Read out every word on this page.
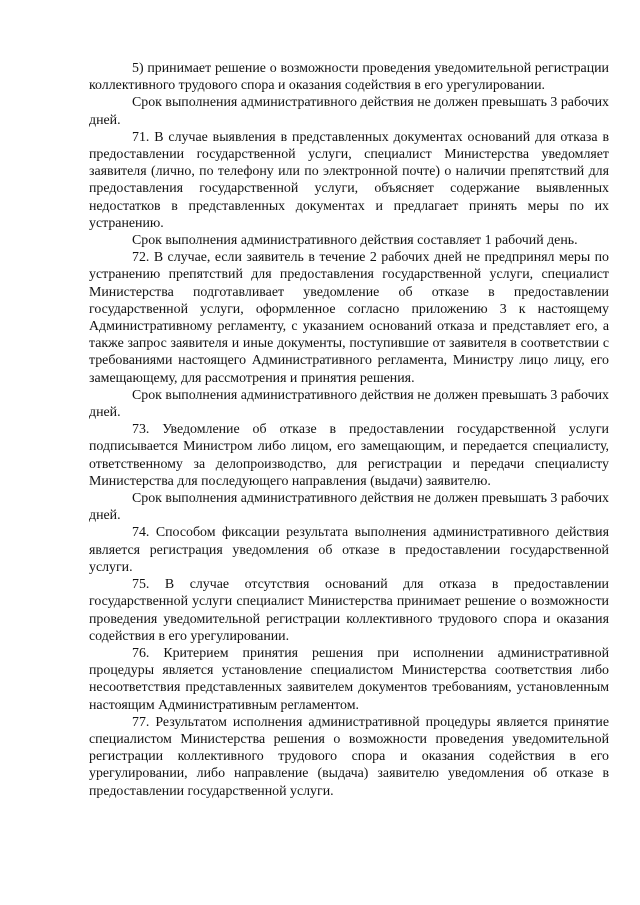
5) принимает решение о возможности проведения уведомительной регистрации коллективного трудового спора и оказания содействия в его урегулировании.

Срок выполнения административного действия не должен превышать 3 рабочих дней.

71. В случае выявления в представленных документах оснований для отказа в предоставлении государственной услуги, специалист Министерства уведомляет заявителя (лично, по телефону или по электронной почте) о наличии препятствий для предоставления государственной услуги, объясняет содержание выявленных недостатков в представленных документах и предлагает принять меры по их устранению.

Срок выполнения административного действия составляет 1 рабочий день.

72. В случае, если заявитель в течение 2 рабочих дней не предпринял меры по устранению препятствий для предоставления государственной услуги, специалист Министерства подготавливает уведомление об отказе в предоставлении государственной услуги, оформленное согласно приложению 3 к настоящему Административному регламенту, с указанием оснований отказа и представляет его, а также запрос заявителя и иные документы, поступившие от заявителя в соответствии с требованиями настоящего Административного регламента, Министру лицо лицу, его замещающему, для рассмотрения и принятия решения.

Срок выполнения административного действия не должен превышать 3 рабочих дней.

73. Уведомление об отказе в предоставлении государственной услуги подписывается Министром либо лицом, его замещающим, и передается специалисту, ответственному за делопроизводство, для регистрации и передачи специалисту Министерства для последующего направления (выдачи) заявителю.

Срок выполнения административного действия не должен превышать 3 рабочих дней.

74. Способом фиксации результата выполнения административного действия является регистрация уведомления об отказе в предоставлении государственной услуги.

75. В случае отсутствия оснований для отказа в предоставлении государственной услуги специалист Министерства принимает решение о возможности проведения уведомительной регистрации коллективного трудового спора и оказания содействия в его урегулировании.

76. Критерием принятия решения при исполнении административной процедуры является установление специалистом Министерства соответствия либо несоответствия представленных заявителем документов требованиям, установленным настоящим Административным регламентом.

77. Результатом исполнения административной процедуры является принятие специалистом Министерства решения о возможности проведения уведомительной регистрации коллективного трудового спора и оказания содействия в его урегулировании, либо направление (выдача) заявителю уведомления об отказе в предоставлении государственной услуги.
